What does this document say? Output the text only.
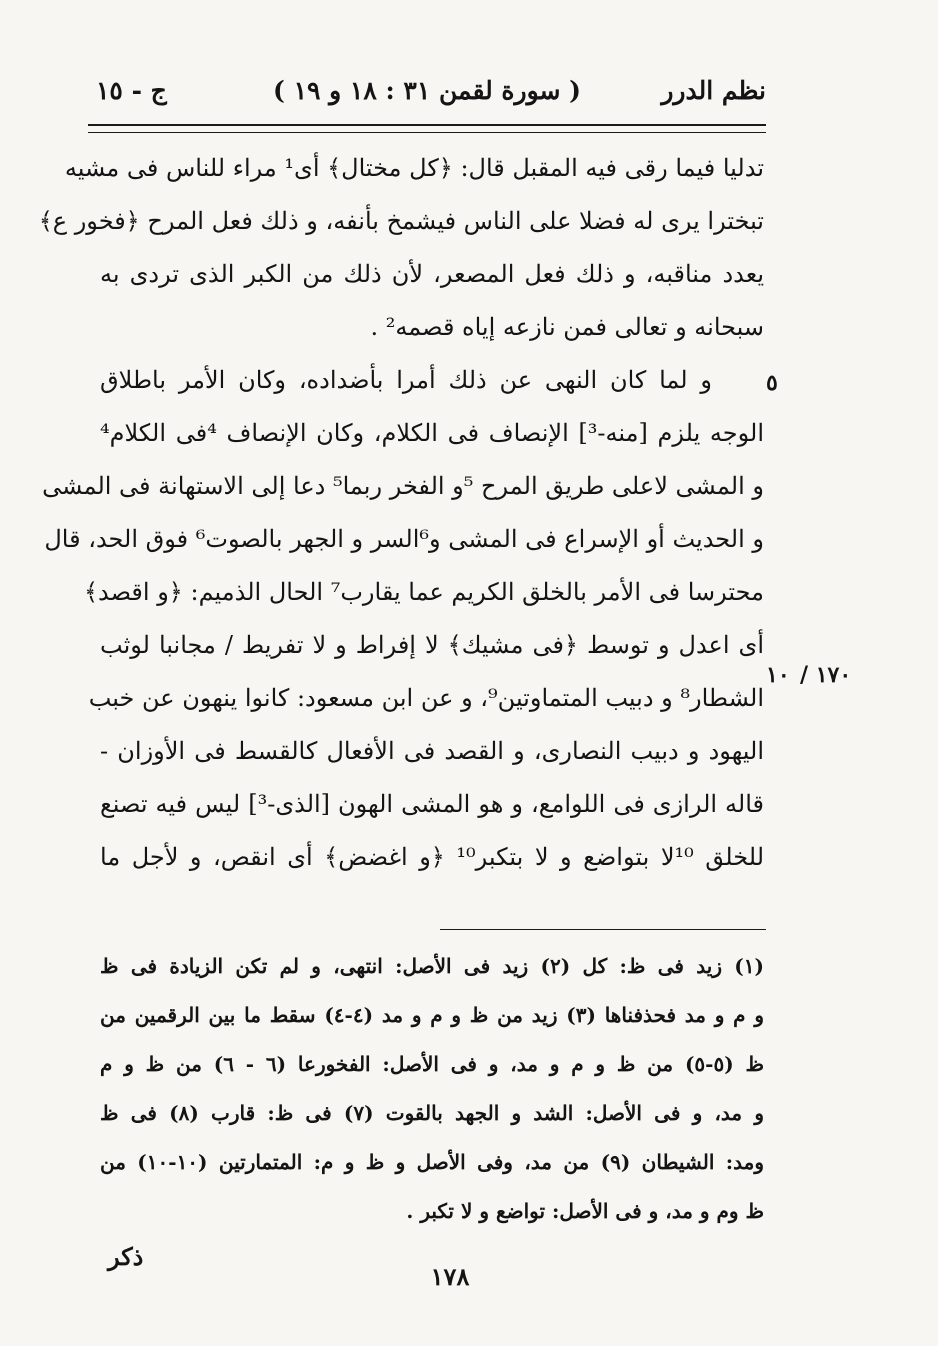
نظم الدرر
( سورة لقمن ٣١ : ١٨ و ١٩ )
ج - ١٥
تدليا فيما رقى فيه المقبل قال: ﴿كل مختال﴾ أى¹ مراء للناس فى مشيه
تبخترا يرى له فضلا على الناس فيشمخ بأنفه، و ذلك فعل المرح ﴿فخور ع﴾
يعدد مناقبه، و ذلك فعل المصعر، لأن ذلك من الكبر الذى تردى به
سبحانه و تعالى فمن نازعه إياه قصمه² .
و لما كان النهى عن ذلك أمرا بأضداده، وكان الأمر باطلاق
الوجه يلزم [منه-³] الإنصاف فى الكلام، وكان الإنصاف ⁴فى الكلام⁴
و المشى لاعلى طريق المرح ⁵و الفخر ربما⁵ دعا إلى الاستهانة فى المشى
و الحديث أو الإسراع فى المشى و⁶السر و الجهر بالصوت⁶ فوق الحد، قال
محترسا فى الأمر بالخلق الكريم عما يقارب⁷ الحال الذميم: ﴿و اقصد﴾
أى اعدل و توسط ﴿فى مشيك﴾ لا إفراط و لا تفريط / مجانبا لوثب
الشطار⁸ و دبيب المتماوتين⁹، و عن ابن مسعود: كانوا ينهون عن خبب
اليهود و دبيب النصارى، و القصد فى الأفعال كالقسط فى الأوزان -
قاله الرازى فى اللوامع، و هو المشى الهون [الذى-³] ليس فيه تصنع
للخلق ¹⁰لا بتواضع و لا بتكبر¹⁰ ﴿و اغضض﴾ أى انقص، و لأجل ما
٥
١٠ ١٧٠ /
(١) زيد فى ظ: كل (٢) زيد فى الأصل: انتهى، و لم تكن الزيادة فى ظ
و م و مد فحذفناها (٣) زيد من ظ و م و مد (٤-٤) سقط ما بين الرقمين من
ظ (٥-٥) من ظ و م و مد، و فى الأصل: الفخورعا (٦ - ٦) من ظ و م
و مد، و فى الأصل: الشد و الجهد بالقوت (٧) فى ظ: قارب (٨) فى ظ
ومد: الشيطان (٩) من مد، وفى الأصل و ظ و م: المتمارتين (١٠-١٠) من
ظ وم و مد، و فى الأصل: تواضع و لا تكبر .
ذكر
١٧٨
